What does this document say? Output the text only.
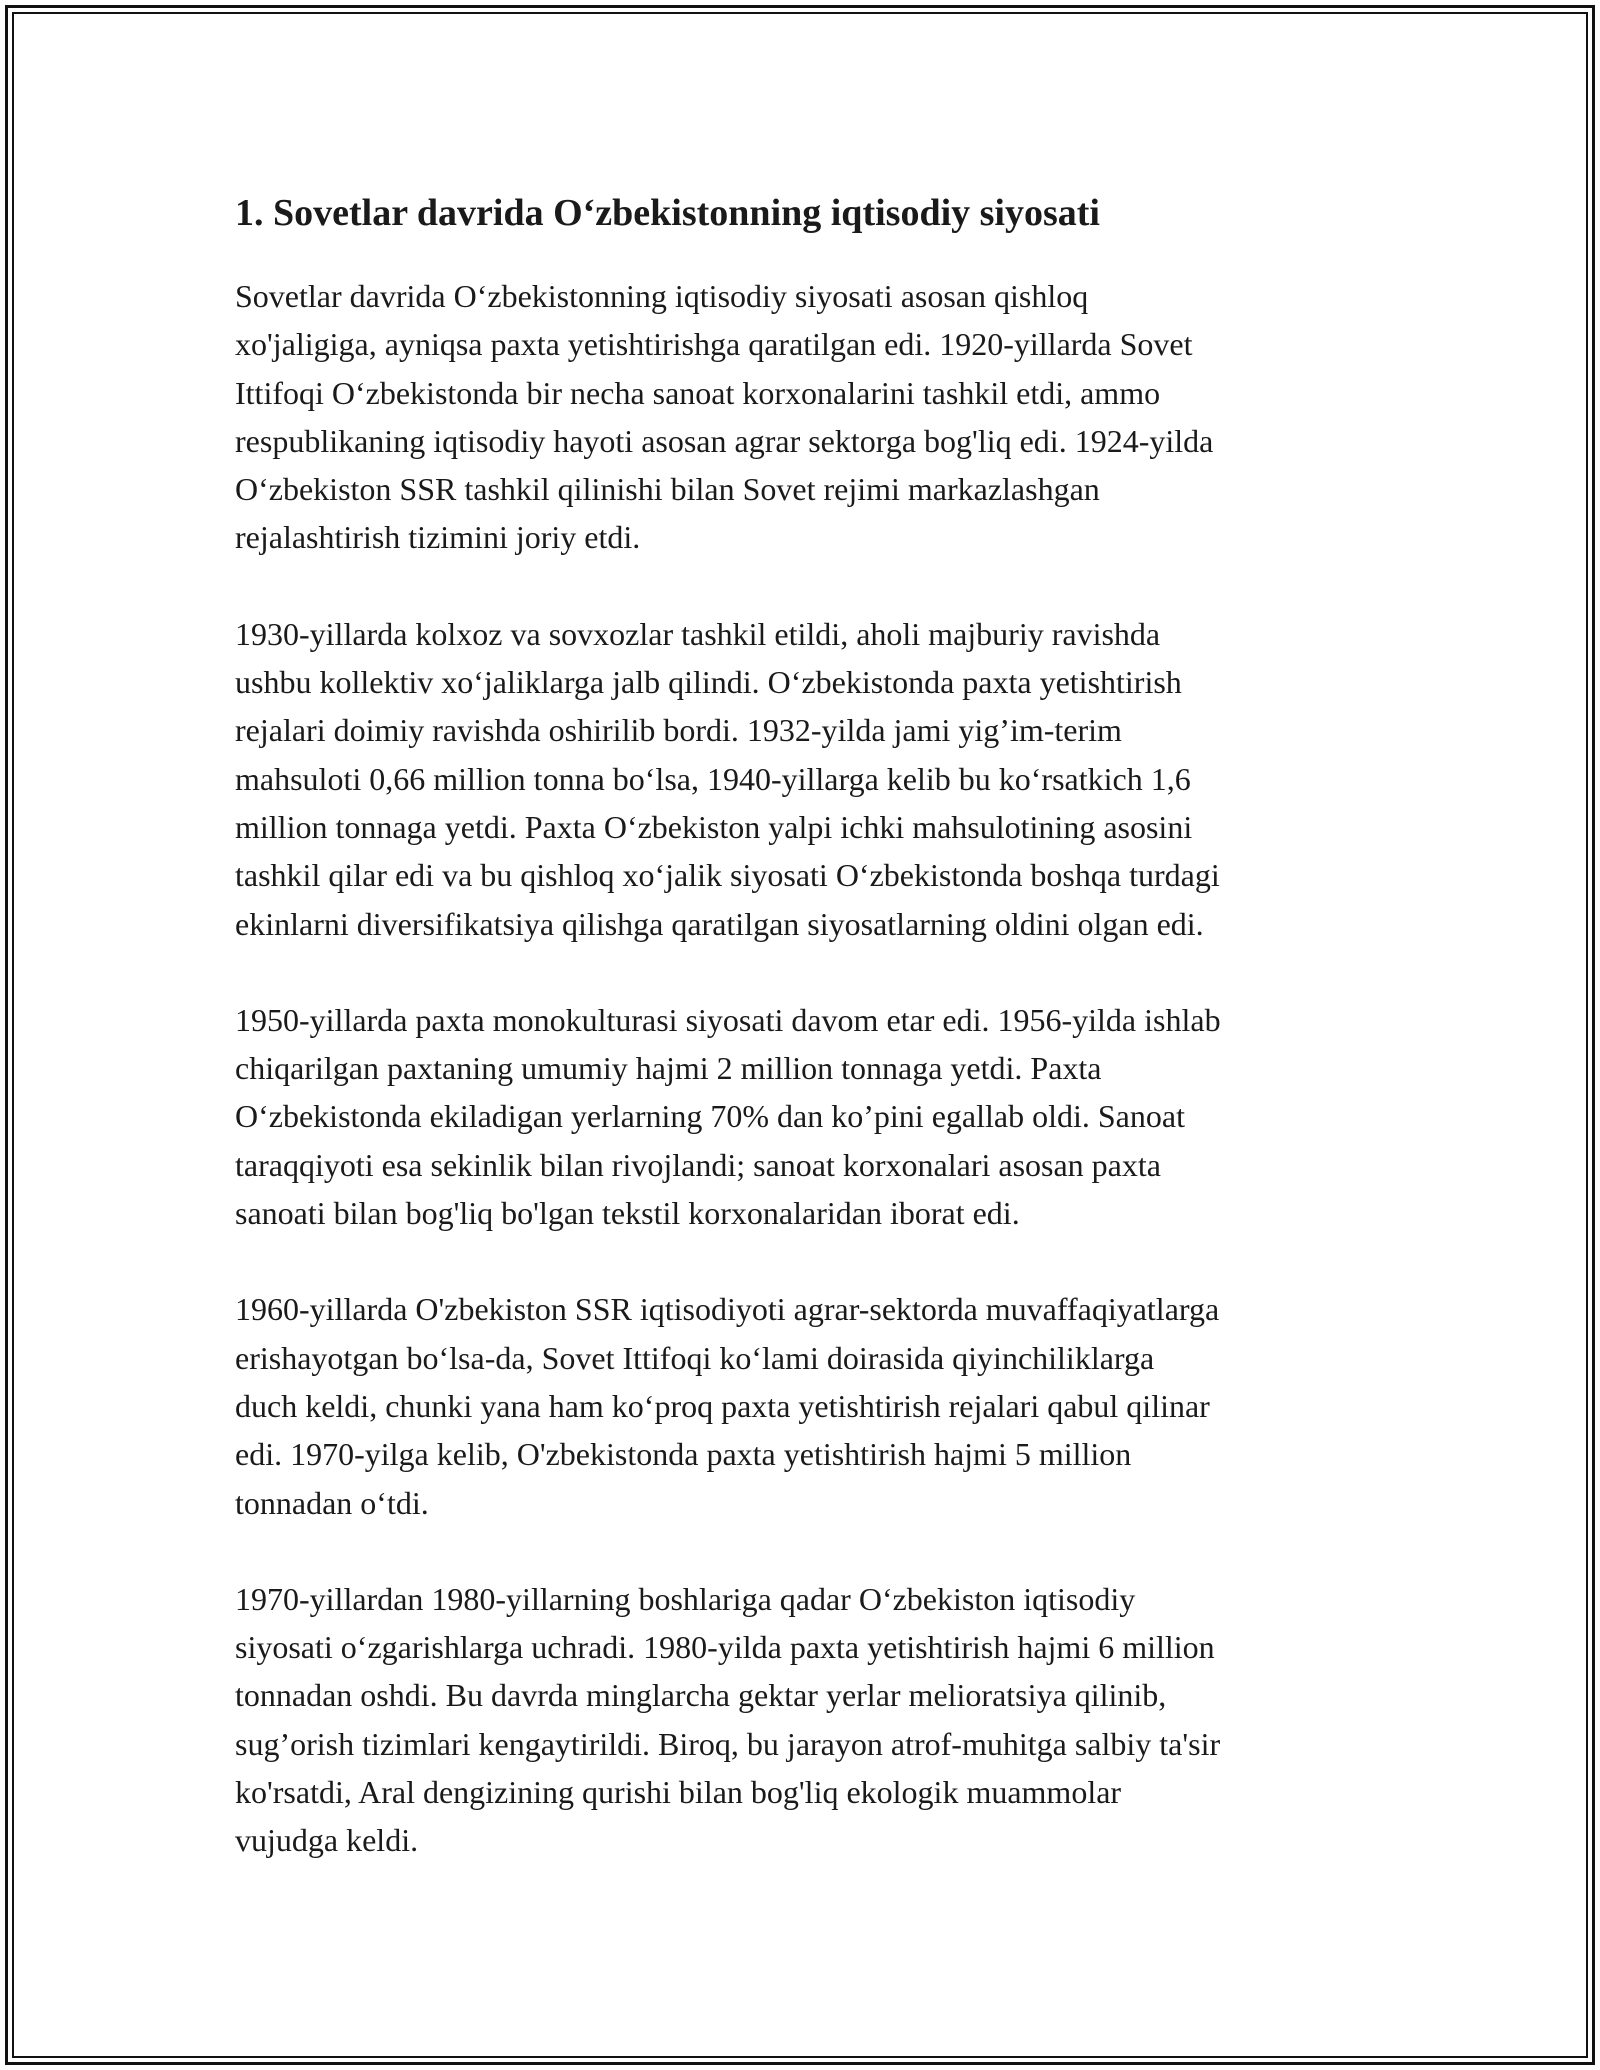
1. Sovetlar davrida O‘zbekistonning iqtisodiy siyosati

Sovetlar davrida O‘zbekistonning iqtisodiy siyosati asosan qishloq
xo'jaligiga, ayniqsa paxta yetishtirishga qaratilgan edi. 1920-yillarda Sovet
Ittifoqi O‘zbekistonda bir necha sanoat korxonalarini tashkil etdi, ammo
respublikaning iqtisodiy hayoti asosan agrar sektorga bog'liq edi. 1924-yilda
O‘zbekiston SSR tashkil qilinishi bilan Sovet rejimi markazlashgan
rejalashtirish tizimini joriy etdi.

1930-yillarda kolxoz va sovxozlar tashkil etildi, aholi majburiy ravishda
ushbu kollektiv xo‘jaliklarga jalb qilindi. O‘zbekistonda paxta yetishtirish
rejalari doimiy ravishda oshirilib bordi. 1932-yilda jami yig’im-terim
mahsuloti 0,66 million tonna bo‘lsa, 1940-yillarga kelib bu ko‘rsatkich 1,6
million tonnaga yetdi. Paxta O‘zbekiston yalpi ichki mahsulotining asosini
tashkil qilar edi va bu qishloq xo‘jalik siyosati O‘zbekistonda boshqa turdagi
ekinlarni diversifikatsiya qilishga qaratilgan siyosatlarning oldini olgan edi.

1950-yillarda paxta monokulturasi siyosati davom etar edi. 1956-yilda ishlab
chiqarilgan paxtaning umumiy hajmi 2 million tonnaga yetdi. Paxta
O‘zbekistonda ekiladigan yerlarning 70% dan ko’pini egallab oldi. Sanoat
taraqqiyoti esa sekinlik bilan rivojlandi; sanoat korxonalari asosan paxta
sanoati bilan bog'liq bo'lgan tekstil korxonalaridan iborat edi.

1960-yillarda O'zbekiston SSR iqtisodiyoti agrar-sektorda muvaffaqiyatlarga
erishayotgan bo‘lsa-da, Sovet Ittifoqi ko‘lami doirasida qiyinchiliklarga
duch keldi, chunki yana ham ko‘proq paxta yetishtirish rejalari qabul qilinar
edi. 1970-yilga kelib, O'zbekistonda paxta yetishtirish hajmi 5 million
tonnadan o‘tdi.

1970-yillardan 1980-yillarning boshlariga qadar O‘zbekiston iqtisodiy
siyosati o‘zgarishlarga uchradi. 1980-yilda paxta yetishtirish hajmi 6 million
tonnadan oshdi. Bu davrda minglarcha gektar yerlar melioratsiya qilinib,
sug’orish tizimlari kengaytirildi. Biroq, bu jarayon atrof-muhitga salbiy ta'sir
ko'rsatdi, Aral dengizining qurishi bilan bog'liq ekologik muammolar
vujudga keldi.
